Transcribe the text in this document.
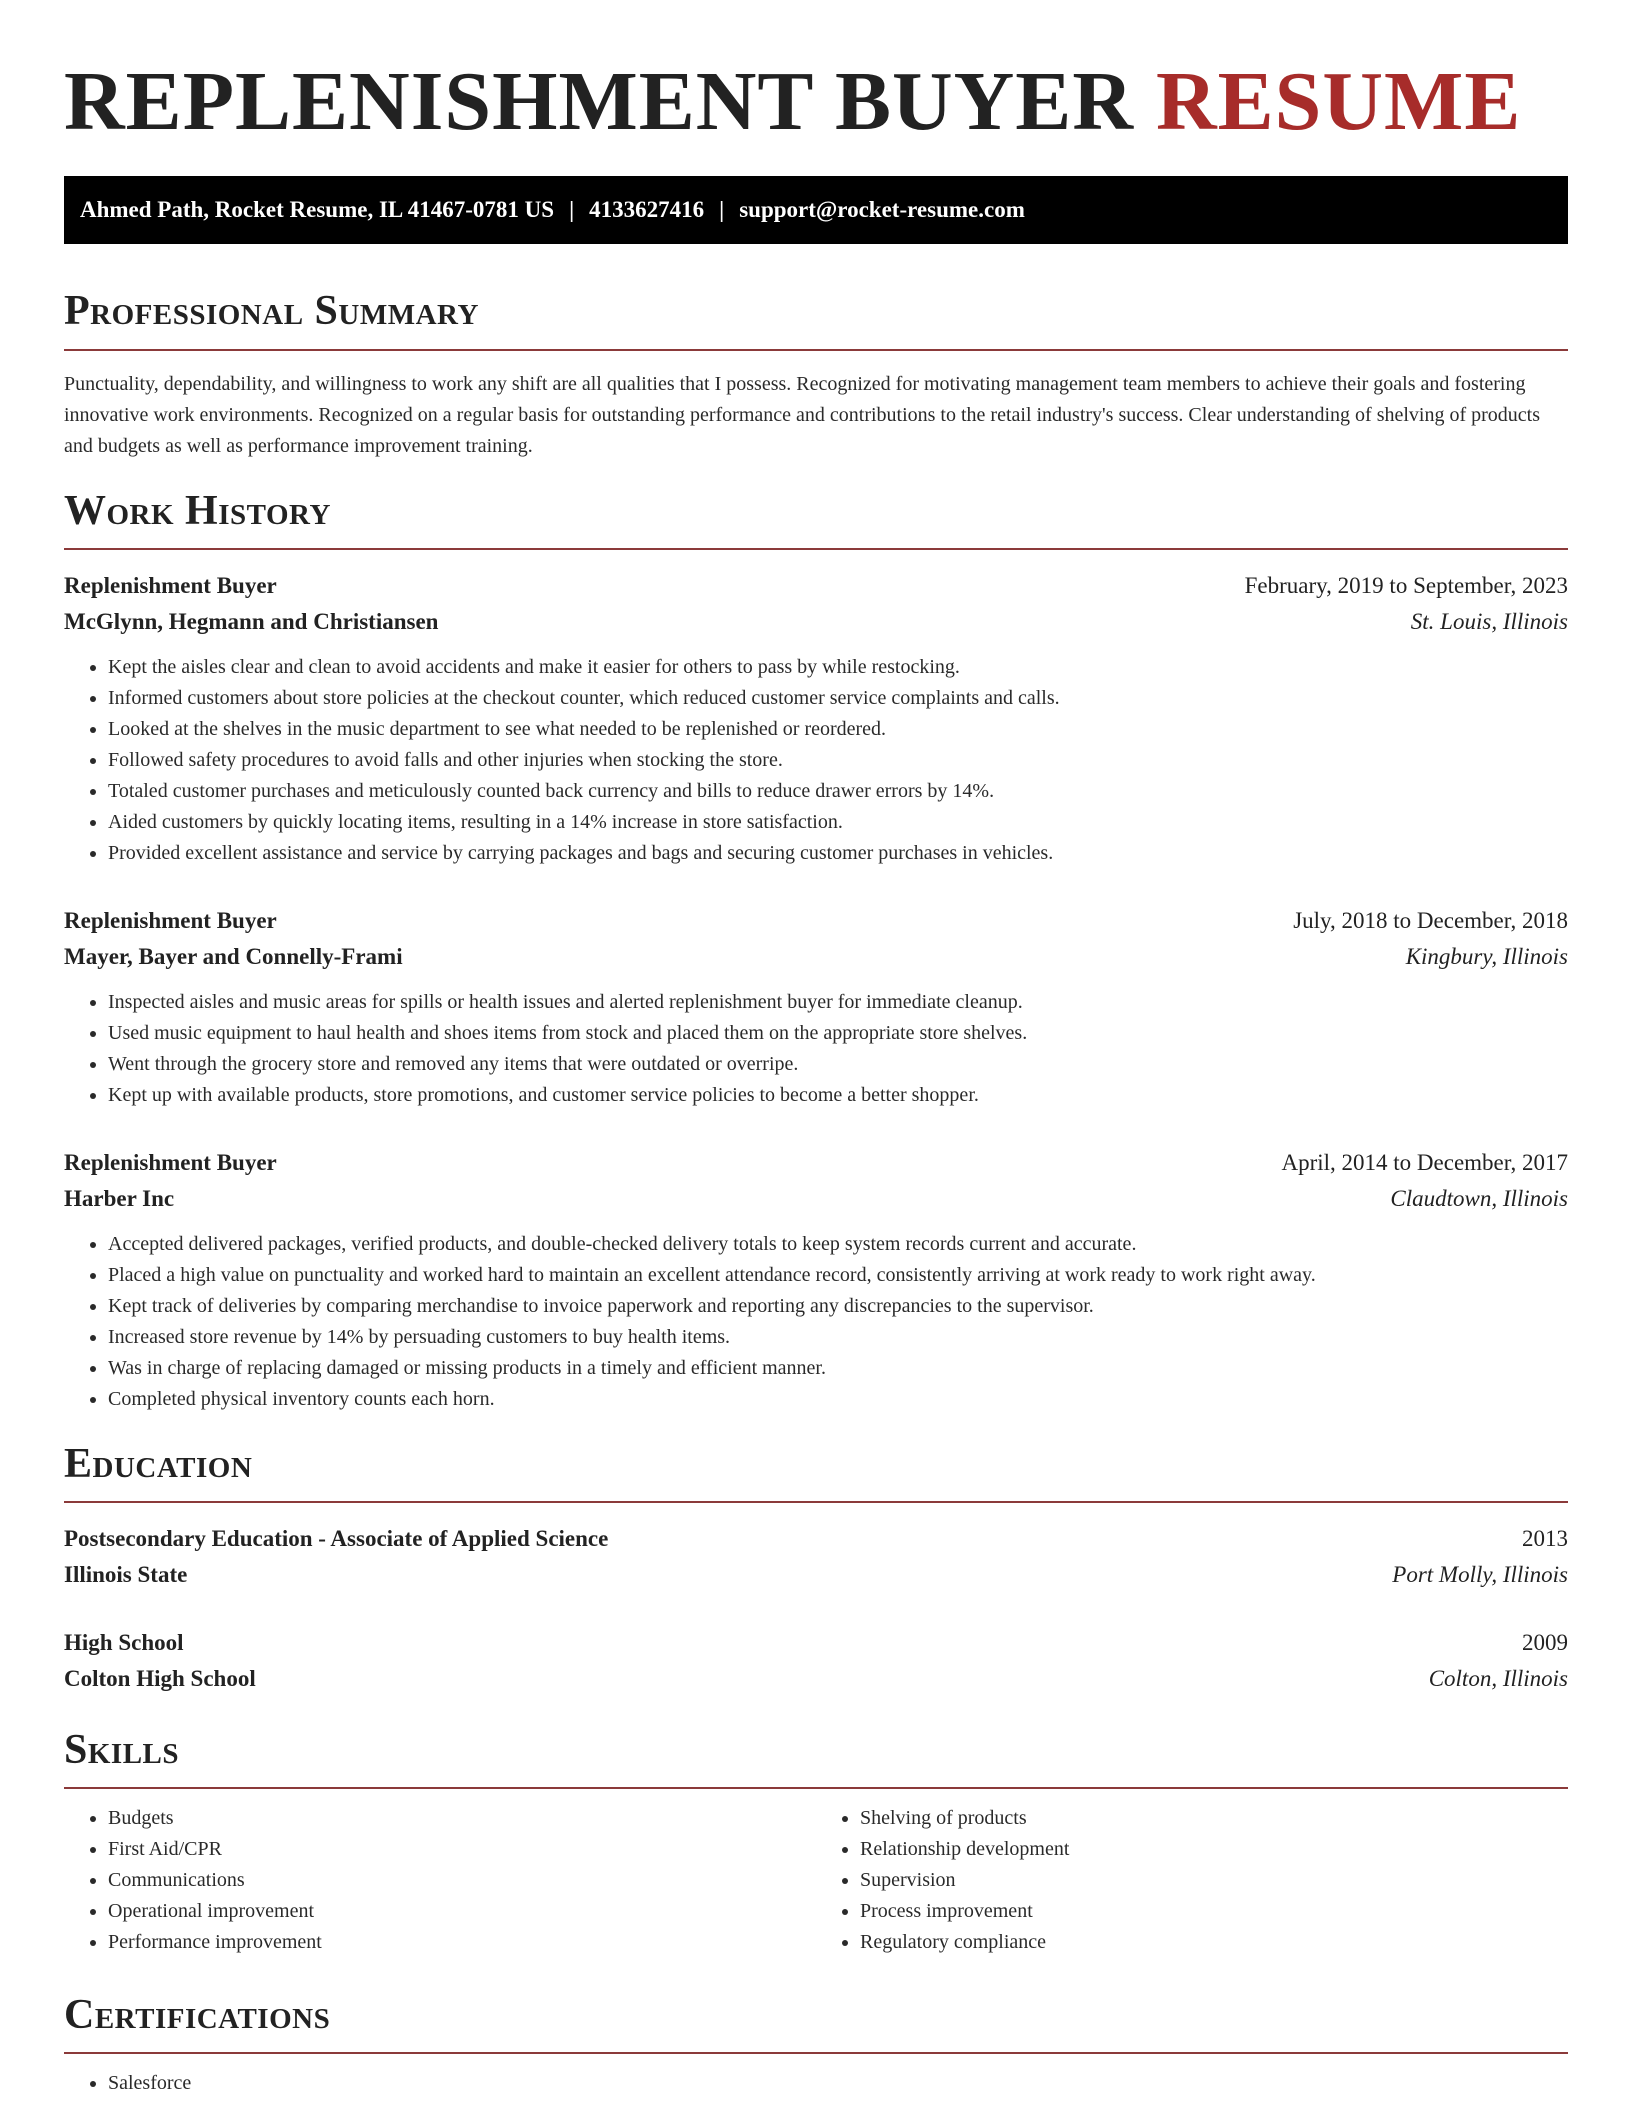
REPLENISHMENT BUYER RESUME
Ahmed Path, Rocket Resume, IL 41467-0781 US | 4133627416 | support@rocket-resume.com
Professional Summary

Punctuality, dependability, and willingness to work any shift are all qualities that I possess. Recognized for motivating management team members to achieve their goals and fostering innovative work environments. Recognized on a regular basis for outstanding performance and contributions to the retail industry's success. Clear understanding of shelving of products and budgets as well as performance improvement training.

Work History
Replenishment Buyer	February, 2019 to September, 2023
McGlynn, Hegmann and Christiansen	St. Louis, Illinois
• Kept the aisles clear and clean to avoid accidents and make it easier for others to pass by while restocking.
• Informed customers about store policies at the checkout counter, which reduced customer service complaints and calls.
• Looked at the shelves in the music department to see what needed to be replenished or reordered.
• Followed safety procedures to avoid falls and other injuries when stocking the store.
• Totaled customer purchases and meticulously counted back currency and bills to reduce drawer errors by 14%.
• Aided customers by quickly locating items, resulting in a 14% increase in store satisfaction.
• Provided excellent assistance and service by carrying packages and bags and securing customer purchases in vehicles.
Replenishment Buyer	July, 2018 to December, 2018
Mayer, Bayer and Connelly-Frami	Kingbury, Illinois
• Inspected aisles and music areas for spills or health issues and alerted replenishment buyer for immediate cleanup.
• Used music equipment to haul health and shoes items from stock and placed them on the appropriate store shelves.
• Went through the grocery store and removed any items that were outdated or overripe.
• Kept up with available products, store promotions, and customer service policies to become a better shopper.
Replenishment Buyer	April, 2014 to December, 2017
Harber Inc	Claudtown, Illinois
• Accepted delivered packages, verified products, and double-checked delivery totals to keep system records current and accurate.
• Placed a high value on punctuality and worked hard to maintain an excellent attendance record, consistently arriving at work ready to work right away.
• Kept track of deliveries by comparing merchandise to invoice paperwork and reporting any discrepancies to the supervisor.
• Increased store revenue by 14% by persuading customers to buy health items.
• Was in charge of replacing damaged or missing products in a timely and efficient manner.
• Completed physical inventory counts each horn.
Education
Postsecondary Education - Associate of Applied Science	2013
Illinois State	Port Molly, Illinois
High School	2009
Colton High School	Colton, Illinois
Skills
• Budgets
• First Aid/CPR
• Communications
• Operational improvement
• Performance improvement
• Shelving of products
• Relationship development
• Supervision
• Process improvement
• Regulatory compliance
Certifications
• Salesforce
